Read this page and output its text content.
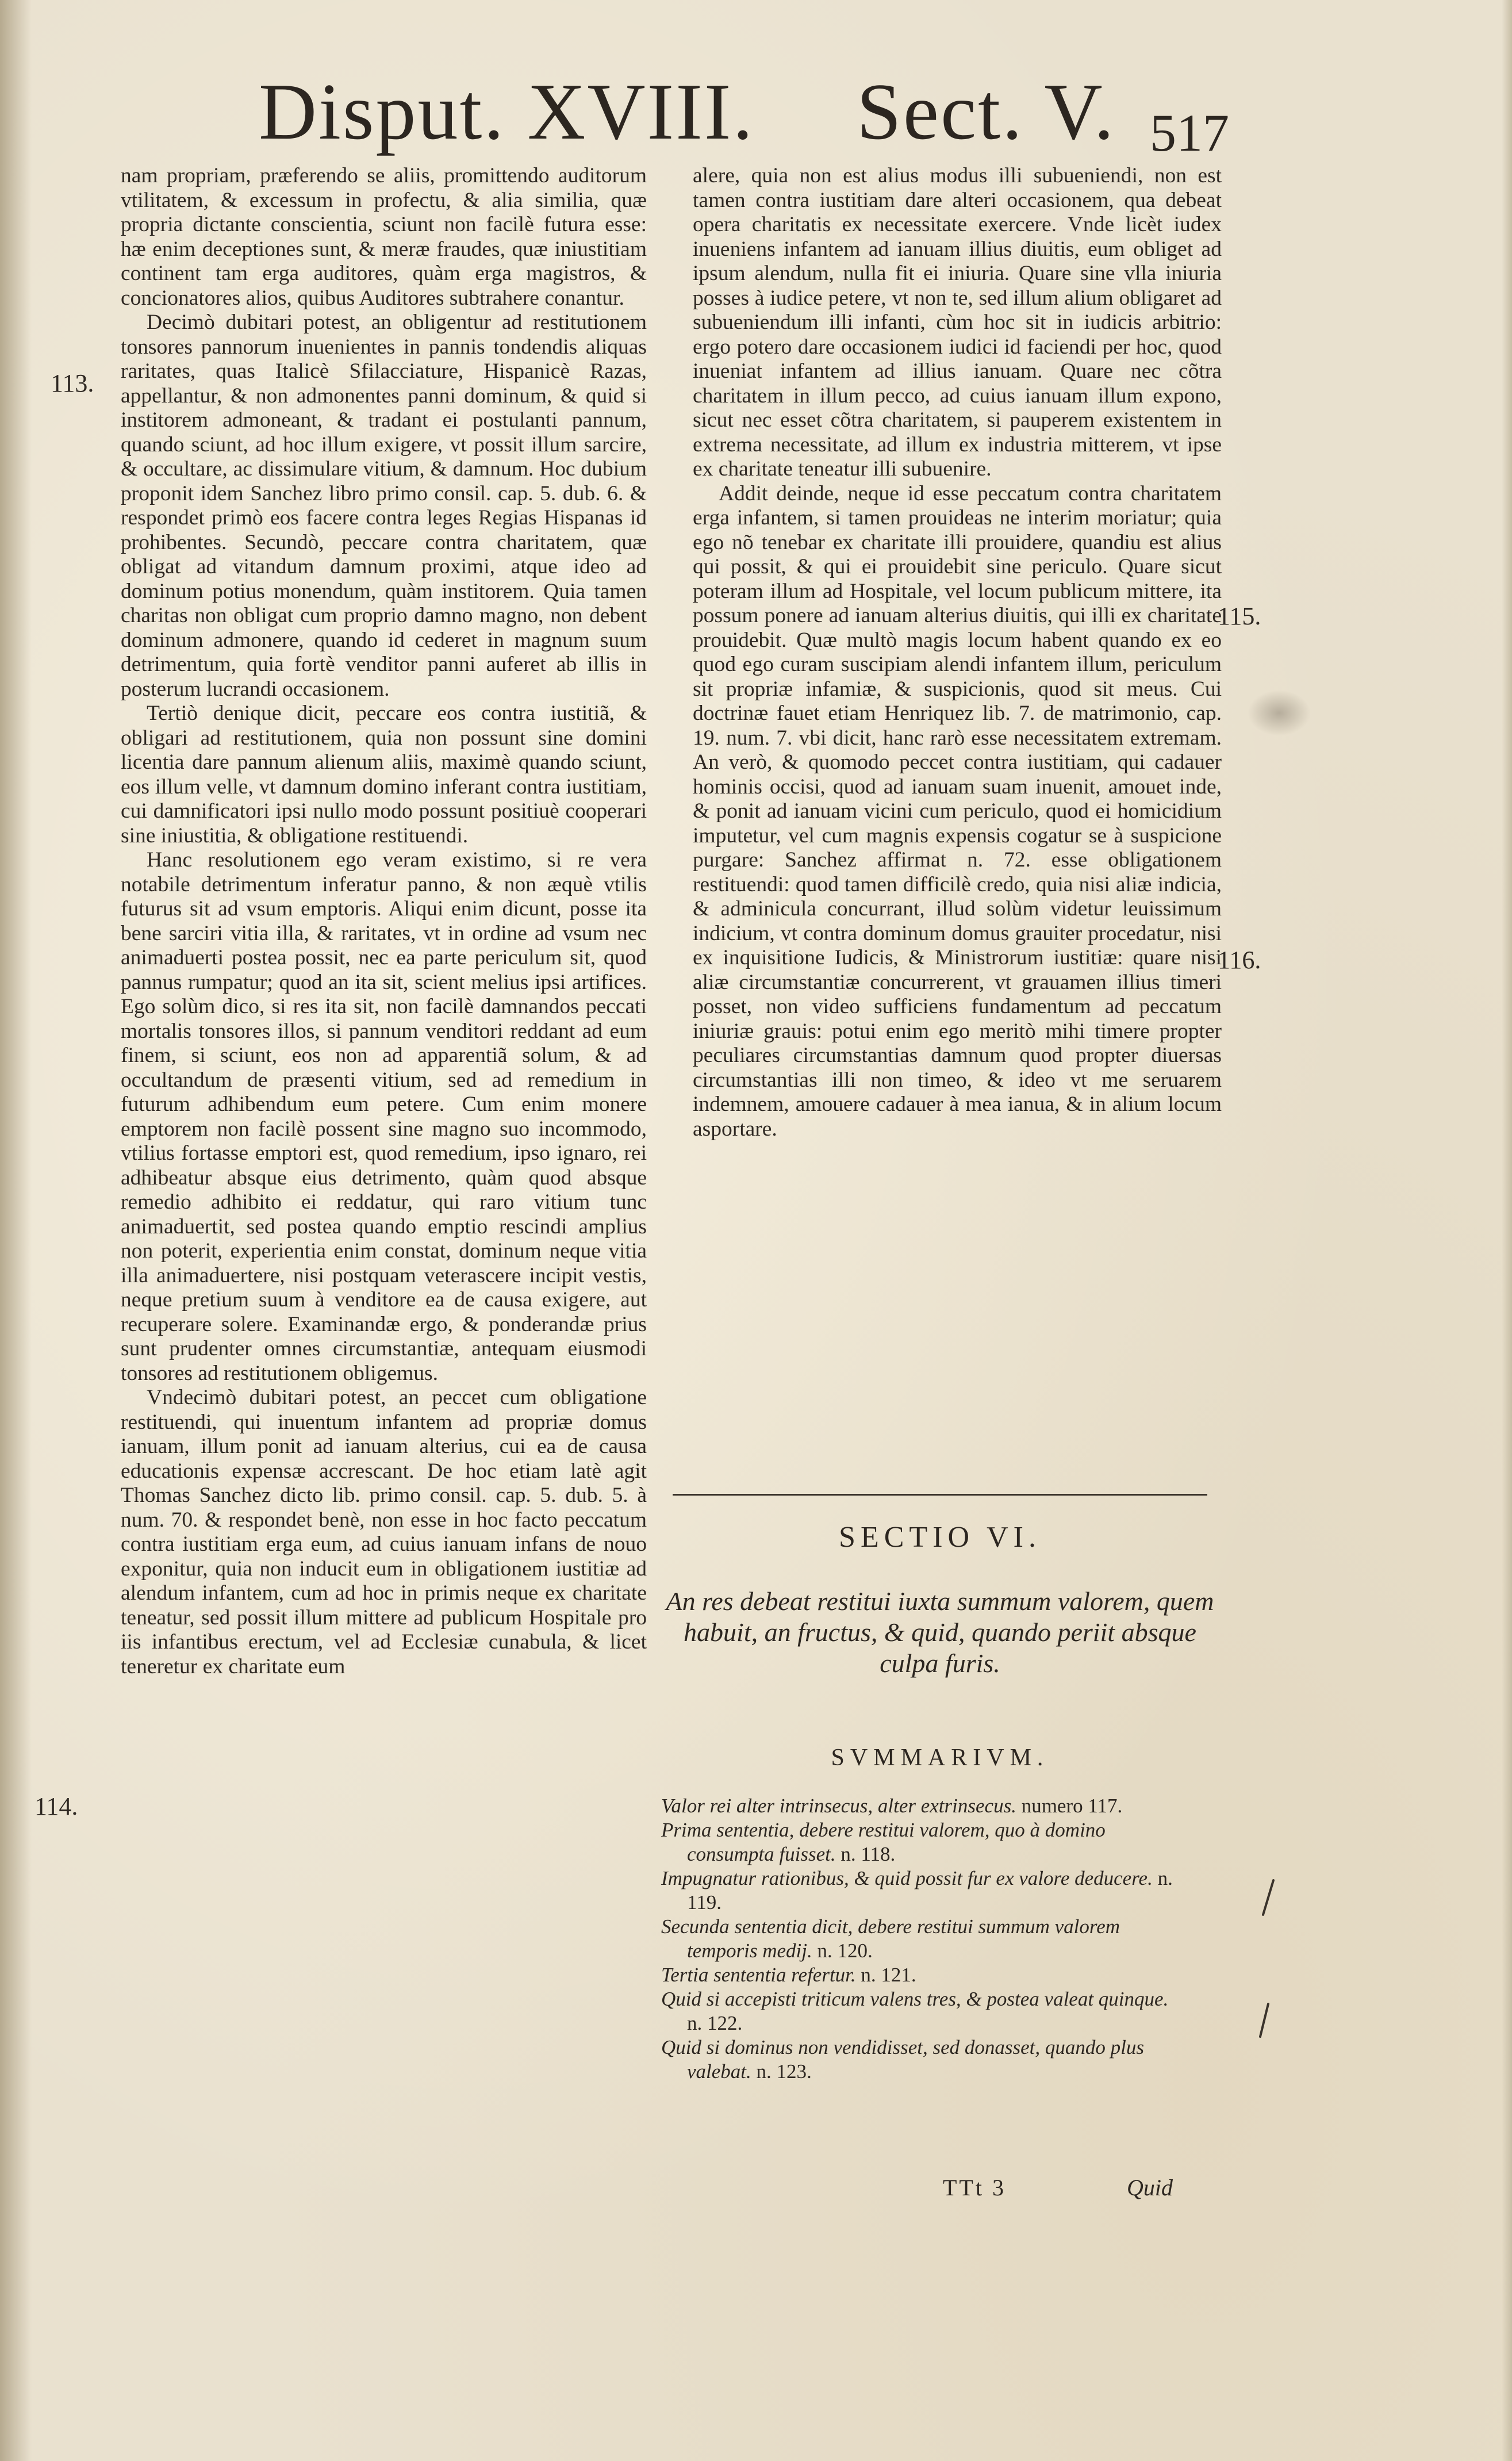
Disput. XVIII. Sect. V. 517

nam propriam, præferendo se aliis, promittendo auditorum vtilitatem, & excessum in profectu, & alia similia, quæ propria dictante conscientia, sciunt non facilè futura esse: hæ enim deceptiones sunt, & meræ fraudes, quæ iniustitiam continent tam erga auditores, quàm erga magistros, & concionatores alios, quibus Auditores subtrahere conantur.

Decimò dubitari potest, an obligentur ad restitutionem tonsores pannorum inuenientes in pannis tondendis aliquas raritates, quas Italicè Sfilacciature, Hispanicè Razas, appellantur, & non admonentes panni dominum, & quid si institorem admoneant, & tradant ei postulanti pannum, quando sciunt, ad hoc illum exigere, vt possit illum sarcire, & occultare, ac dissimulare vitium, & damnum. Hoc dubium proponit idem Sanchez libro primo consil. cap. 5. dub. 6. & respondet primò eos facere contra leges Regias Hispanas id prohibentes. Secundò, peccare contra charitatem, quæ obligat ad vitandum damnum proximi, atque ideo ad dominum potius monendum, quàm institorem. Quia tamen charitas non obligat cum proprio damno magno, non debent dominum admonere, quando id cederet in magnum suum detrimentum, quia fortè venditor panni auferet ab illis in posterum lucrandi occasionem.

Tertiò denique dicit, peccare eos contra iustitiã, & obligari ad restitutionem, quia non possunt sine domini licentia dare pannum alienum aliis, maximè quando sciunt, eos illum velle, vt damnum domino inferant contra iustitiam, cui damnificatori ipsi nullo modo possunt positiuè cooperari sine iniustitia, & obligatione restituendi.

Hanc resolutionem ego veram existimo, si re vera notabile detrimentum inferatur panno, & non æquè vtilis futurus sit ad vsum emptoris. Aliqui enim dicunt, posse ita bene sarciri vitia illa, & raritates, vt in ordine ad vsum nec animaduerti postea possit, nec ea parte periculum sit, quod pannus rumpatur; quod an ita sit, scient melius ipsi artifices. Ego solùm dico, si res ita sit, non facilè damnandos peccati mortalis tonsores illos, si pannum venditori reddant ad eum finem, si sciunt, eos non ad apparentiã solum, & ad occultandum de præsenti vitium, sed ad remedium in futurum adhibendum eum petere. Cum enim monere emptorem non facilè possent sine magno suo incommodo, vtilius fortasse emptori est, quod remedium, ipso ignaro, rei adhibeatur absque eius detrimento, quàm quod absque remedio adhibito ei reddatur, qui raro vitium tunc animaduertit, sed postea quando emptio rescindi amplius non poterit, experientia enim constat, dominum neque vitia illa animaduertere, nisi postquam veterascere incipit vestis, neque pretium suum à venditore ea de causa exigere, aut recuperare solere. Examinandæ ergo, & ponderandæ prius sunt prudenter omnes circumstantiæ, antequam eiusmodi tonsores ad restitutionem obligemus.

Vndecimò dubitari potest, an peccet cum obligatione restituendi, qui inuentum infantem ad propriæ domus ianuam, illum ponit ad ianuam alterius, cui ea de causa educationis expensæ accrescant. De hoc etiam latè agit Thomas Sanchez dicto lib. primo consil. cap. 5. dub. 5. à num. 70. & respondet benè, non esse in hoc facto peccatum contra iustitiam erga eum, ad cuius ianuam infans de nouo exponitur, quia non inducit eum in obligationem iustitiæ ad alendum infantem, cum ad hoc in primis neque ex charitate teneatur, sed possit illum mittere ad publicum Hospitale pro iis infantibus erectum, vel ad Ecclesiæ cunabula, & licet teneretur ex charitate eum

alere, quia non est alius modus illi subueniendi, non est tamen contra iustitiam dare alteri occasionem, qua debeat opera charitatis ex necessitate exercere. Vnde licèt iudex inueniens infantem ad ianuam illius diuitis, eum obliget ad ipsum alendum, nulla fit ei iniuria. Quare sine vlla iniuria posses à iudice petere, vt non te, sed illum alium obligaret ad subueniendum illi infanti, cùm hoc sit in iudicis arbitrio: ergo potero dare occasionem iudici id faciendi per hoc, quod inueniat infantem ad illius ianuam. Quare nec cõtra charitatem in illum pecco, ad cuius ianuam illum expono, sicut nec esset cõtra charitatem, si pauperem existentem in extrema necessitate, ad illum ex industria mitterem, vt ipse ex charitate teneatur illi subuenire.

Addit deinde, neque id esse peccatum contra charitatem erga infantem, si tamen prouideas ne interim moriatur; quia ego nõ tenebar ex charitate illi prouidere, quandiu est alius qui possit, & qui ei prouidebit sine periculo. Quare sicut poteram illum ad Hospitale, vel locum publicum mittere, ita possum ponere ad ianuam alterius diuitis, qui illi ex charitate prouidebit. Quæ multò magis locum habent quando ex eo quod ego curam suscipiam alendi infantem illum, periculum sit propriæ infamiæ, & suspicionis, quod sit meus. Cui doctrinæ fauet etiam Henriquez lib. 7. de matrimonio, cap. 19. num. 7. vbi dicit, hanc rarò esse necessitatem extremam. An verò, & quomodo peccet contra iustitiam, qui cadauer hominis occisi, quod ad ianuam suam inuenit, amouet inde, & ponit ad ianuam vicini cum periculo, quod ei homicidium imputetur, vel cum magnis expensis cogatur se à suspicione purgare: Sanchez affirmat n. 72. esse obligationem restituendi: quod tamen difficilè credo, quia nisi aliæ indicia, & adminicula concurrant, illud solùm videtur leuissimum indicium, vt contra dominum domus grauiter procedatur, nisi ex inquisitione Iudicis, & Ministrorum iustitiæ: quare nisi aliæ circumstantiæ concurrerent, vt grauamen illius timeri posset, non video sufficiens fundamentum ad peccatum iniuriæ grauis: potui enim ego meritò mihi timere propter peculiares circumstantias damnum quod propter diuersas circumstantias illi non timeo, & ideo vt me seruarem indemnem, amouere cadauer à mea ianua, & in alium locum asportare.

113.
114.
115.
116.
SECTIO VI.
An res debeat restitui iuxta summum valorem, quem habuit, an fructus, & quid, quando periit absque culpa furis.
SVMMARIVM.

Valor rei alter intrinsecus, alter extrinsecus. numero 117.

Prima sententia, debere restitui valorem, quo à domino consumpta fuisset. n. 118.

Impugnatur rationibus, & quid possit fur ex valore deducere. n. 119.

Secunda sententia dicit, debere restitui summum valorem temporis medij. n. 120.

Tertia sententia refertur. n. 121.

Quid si accepisti triticum valens tres, & postea valeat quinque. n. 122.

Quid si dominus non vendidisset, sed donasset, quando plus valebat. n. 123.

TTt 3	Quid
